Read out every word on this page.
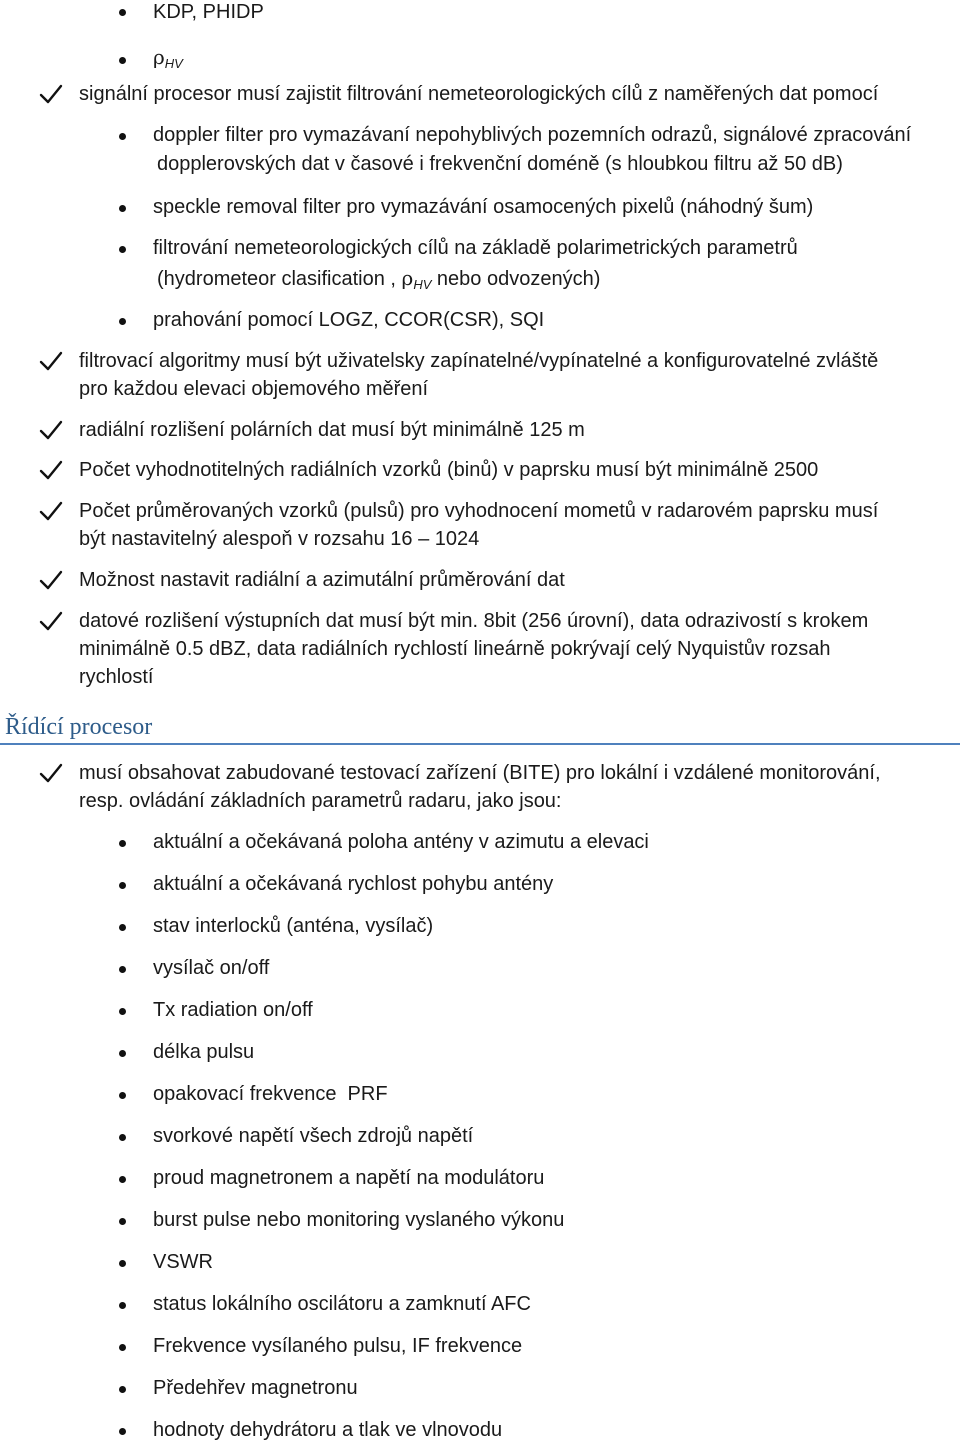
KDP, PHIDP
$\rho_{HV}$
signální procesor musí zajistit filtrování nemeteorologických cílů z naměřených dat pomocí
doppler filter pro vymazávaní nepohyblivých pozemních odrazů, signálové zpracování
dopplerovských dat v časové i frekvenční doméně (s hloubkou filtru až 50 dB)
speckle removal filter pro vymazávání osamocených pixelů (náhodný šum)
filtrování nemeteorologických cílů na základě polarimetrických parametrů
(hydrometeor clasification , $\rho_{HV}$ nebo odvozených)
prahování pomocí LOGZ, CCOR(CSR), SQI
filtrovací algoritmy musí být uživatelsky zapínatelné/vypínatelné a konfigurovatelné zvláště
pro každou elevaci objemového měření
radiální rozlišení polárních dat musí být minimálně 125 m
Počet vyhodnotitelných radiálních vzorků (binů) v paprsku musí být minimálně 2500
Počet průměrovaných vzorků (pulsů) pro vyhodnocení mometů v radarovém paprsku musí
být nastavitelný alespoň v rozsahu 16 – 1024
Možnost nastavit radiální a azimutální průměrování dat
datové rozlišení výstupních dat musí být min. 8bit (256 úrovní), data odrazivostí s krokem
minimálně 0.5 dBZ, data radiálních rychlostí lineárně pokrývají celý Nyquistův rozsah
rychlostí
Řídící procesor
musí obsahovat zabudované testovací zařízení (BITE) pro lokální i vzdálené monitorování,
resp. ovládání základních parametrů radaru, jako jsou:
aktuální a očekávaná poloha antény v azimutu a elevaci
aktuální a očekávaná rychlost pohybu antény
stav interlocků (anténa, vysílač)
vysílač on/off
Tx radiation on/off
délka pulsu
opakovací frekvence  PRF
svorkové napětí všech zdrojů napětí
proud magnetronem a napětí na modulátoru
burst pulse nebo monitoring vyslaného výkonu
VSWR
status lokálního oscilátoru a zamknutí AFC
Frekvence vysílaného pulsu, IF frekvence
Předehřev magnetronu
hodnoty dehydrátoru a tlak ve vlnovodu
